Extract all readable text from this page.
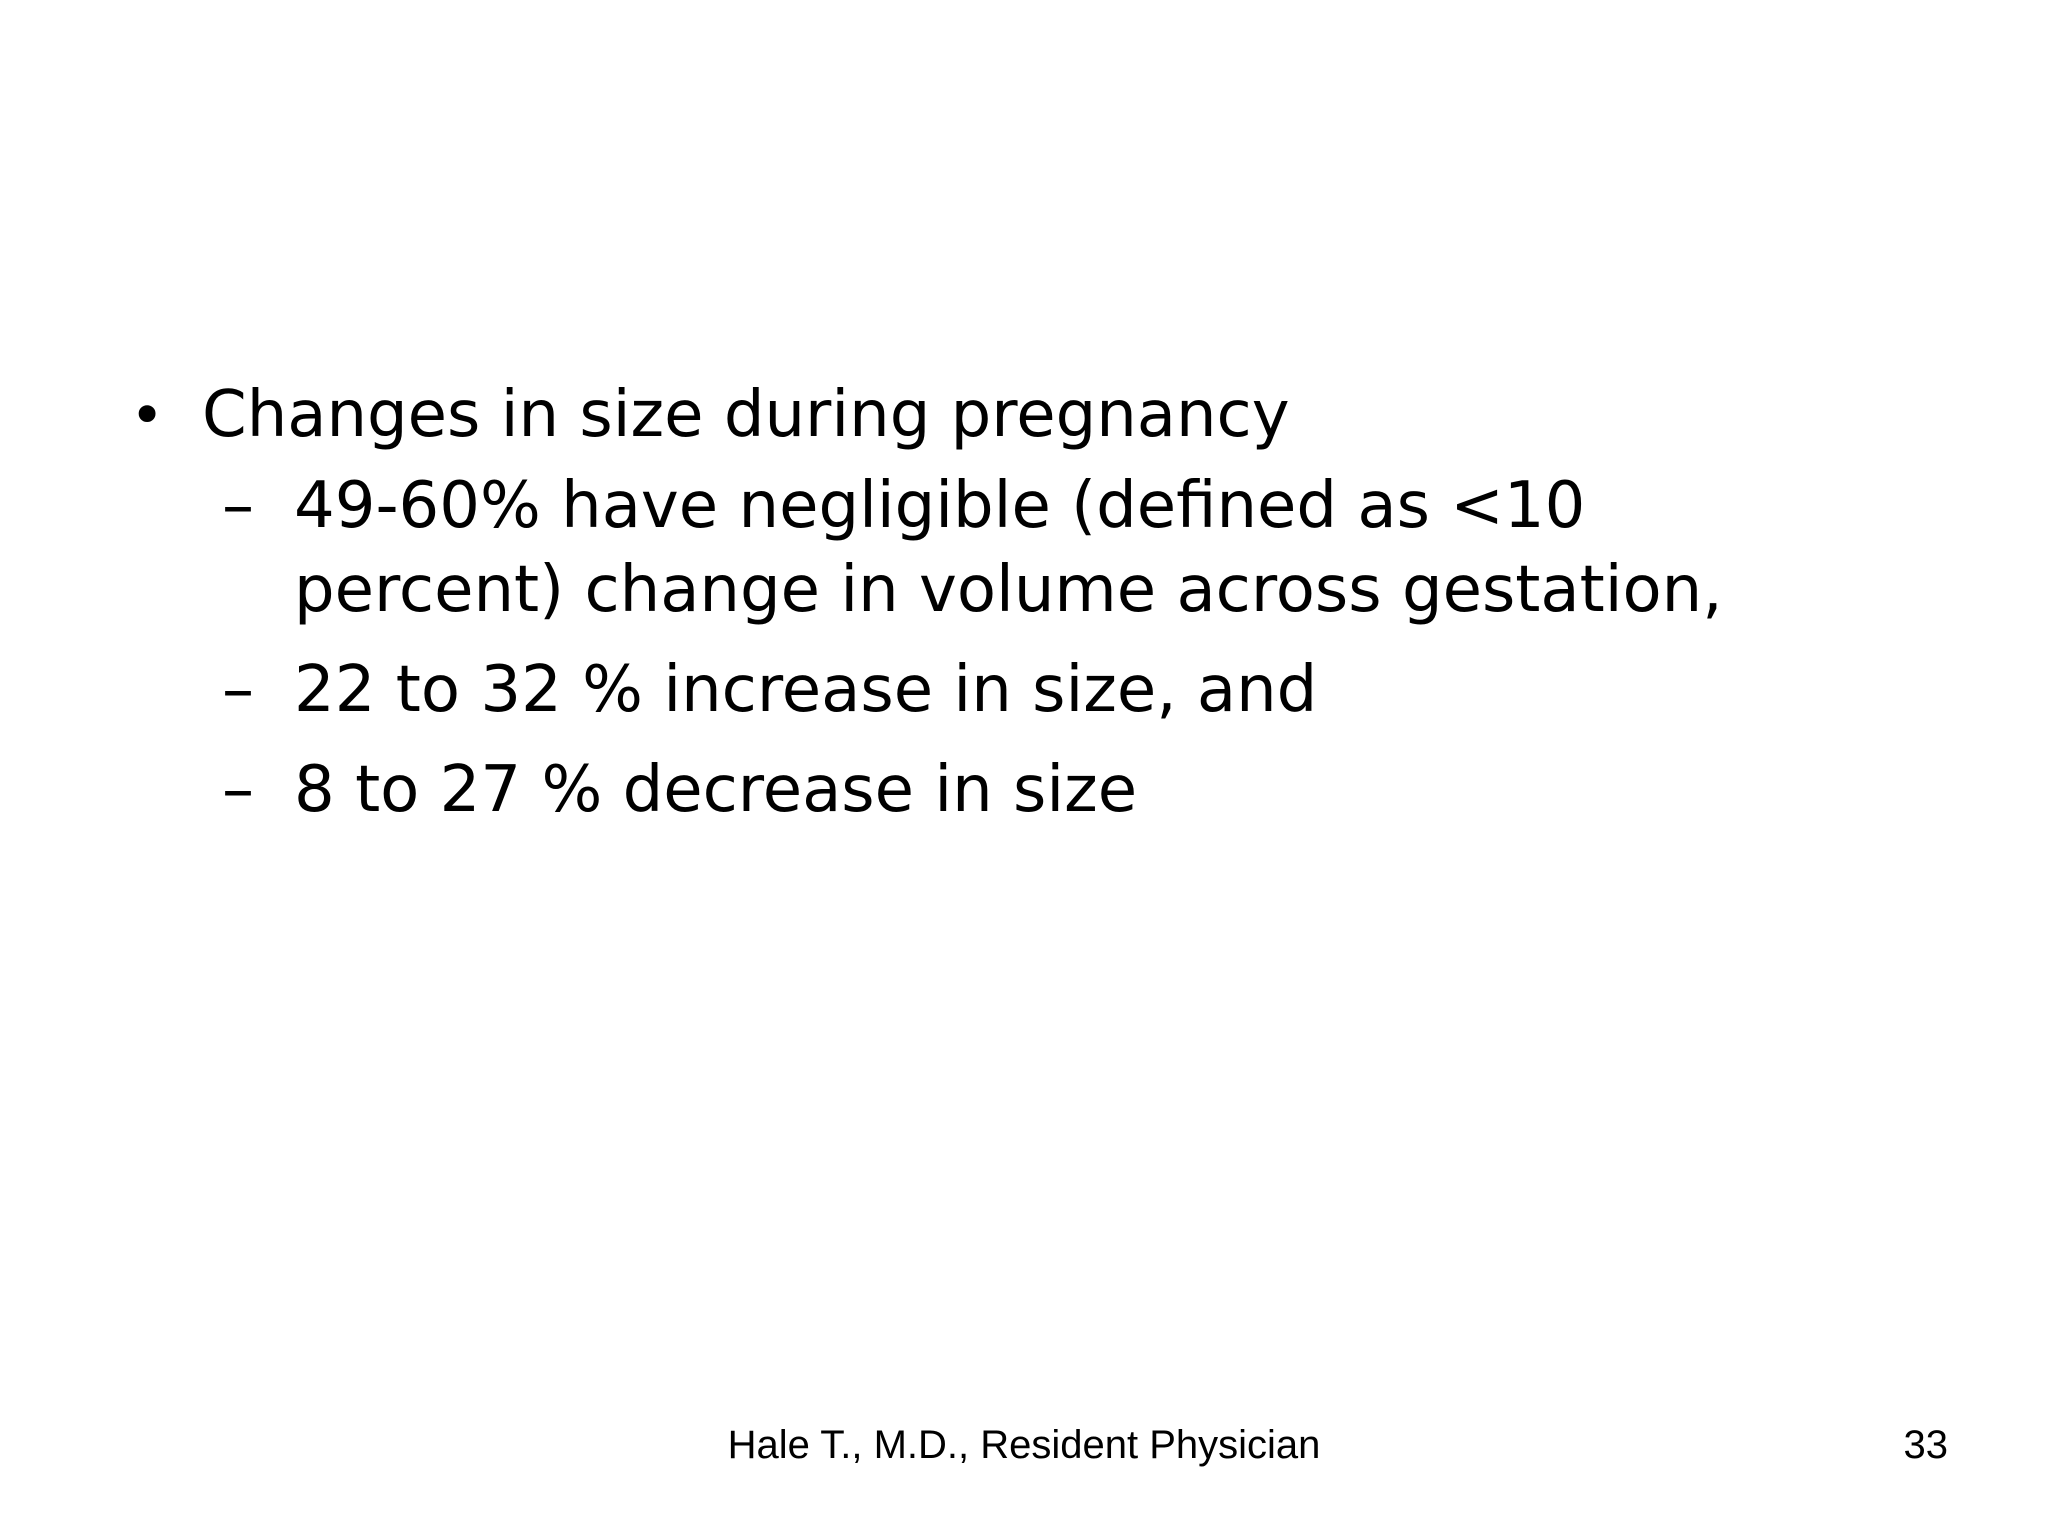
• Changes in size during pregnancy
– 49-60% have negligible (defined as <10 percent) change in volume across gestation,
– 22 to 32 % increase in size, and
– 8 to 27 % decrease in size
Hale T., M.D., Resident Physician	33
